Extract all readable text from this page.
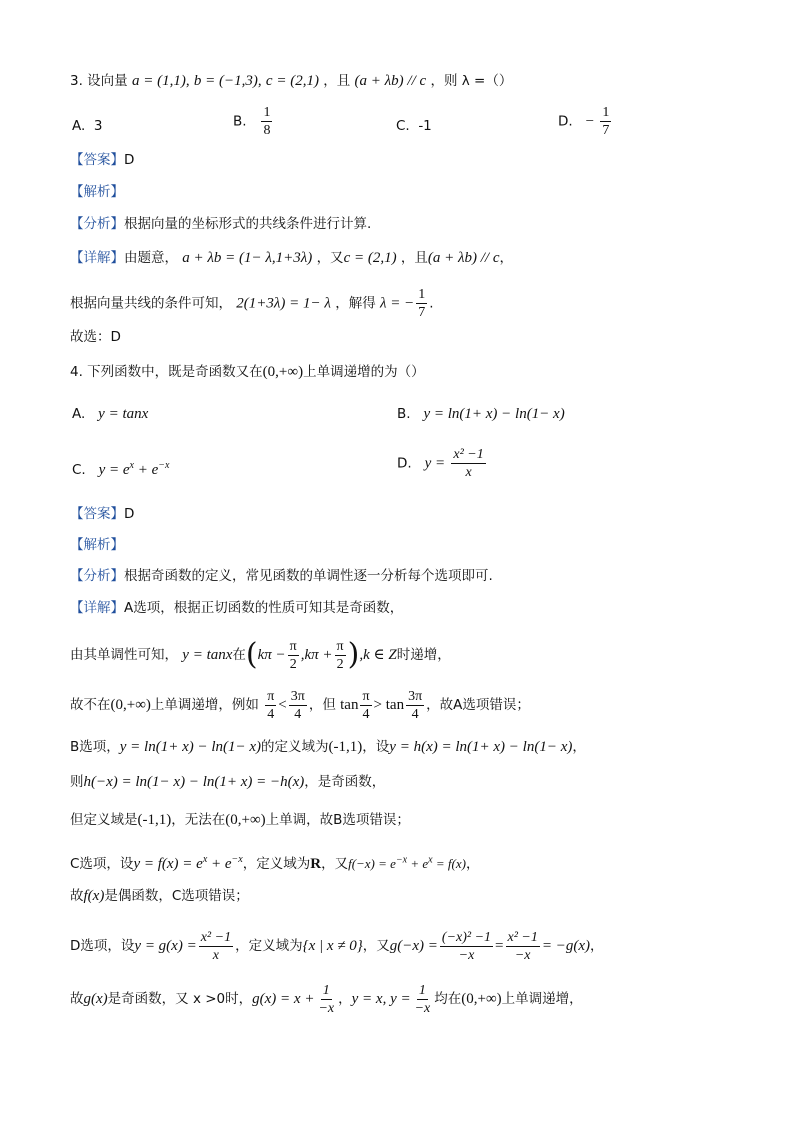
3. 设向量 a = (1,1), b = (−1,3), c = (2,1) ，且 (a + λb) // c ，则 λ =（）
A. 3	B. $\frac{1}{8}$	C. -1	D. − $\frac{1}{7}$
【答案】D
【解析】
【分析】根据向量的坐标形式的共线条件进行计算.
【详解】由题意， a + λb = (1− λ,1+3λ) ，又c = (2,1) ，且(a + λb) // c，
根据向量共线的条件可知， 2(1+3λ) = 1− λ ，解得 λ = − $\frac{1}{7}$ .
故选：D
4. 下列函数中，既是奇函数又在(0,+∞)上单调递增的为（）
A. y = tanx	B. y = ln(1+ x) − ln(1− x)
C. $y = e^x + e^{-x}$	D. $y = \frac{\text{x² −1}}{x}$
【答案】D
【解析】
【分析】根据奇函数的定义，常见函数的单调性逐一分析每个选项即可.
【详解】A选项，根据正切函数的性质可知其是奇函数，
由其单调性可知， y = tanx在$(k\pi - \frac{\pi}{2} ,k\pi + \frac{\pi}{2} ),k$ ∈ Z时递增，
故不在(0,+∞)上单调递增，例如 $\frac{\pi}{4} < \frac{3\pi}{4}$ ，但 $\tan \frac{\pi}{4} > \tan \frac{3\pi}{4}$ ，故A选项错误；
B选项，y = ln(1+ x) − ln(1− x)的定义域为(-1,1)，设y = h(x) = ln(1+ x) − ln(1− x)，
则h(−x) = ln(1− x) − ln(1+ x) = −h(x)，是奇函数，
但定义域是(-1,1)，无法在(0,+∞)上单调，故B选项错误；
C选项，设$y = f(x) = e^x + e^{-x}$，定义域为R，又$f(-x) = e^{-x} + e^x = f(x)$，
故f(x)是偶函数，C选项错误；
D选项，设$y = g(x) = \frac{\text{x² −1}}{x}$ ，定义域为{x | x ≠ 0}，又$g(-x) = \frac{\text{(−x)² −1}}{-x} = \frac{\text{x² −1}}{-x} = -g(x)$，
故g(x)是奇函数，又 x >0时，$g(x) = x + \frac{1}{-x}$ ，y = x, $y = \frac{1}{-x}$ 均在(0,+∞)上单调递增，
